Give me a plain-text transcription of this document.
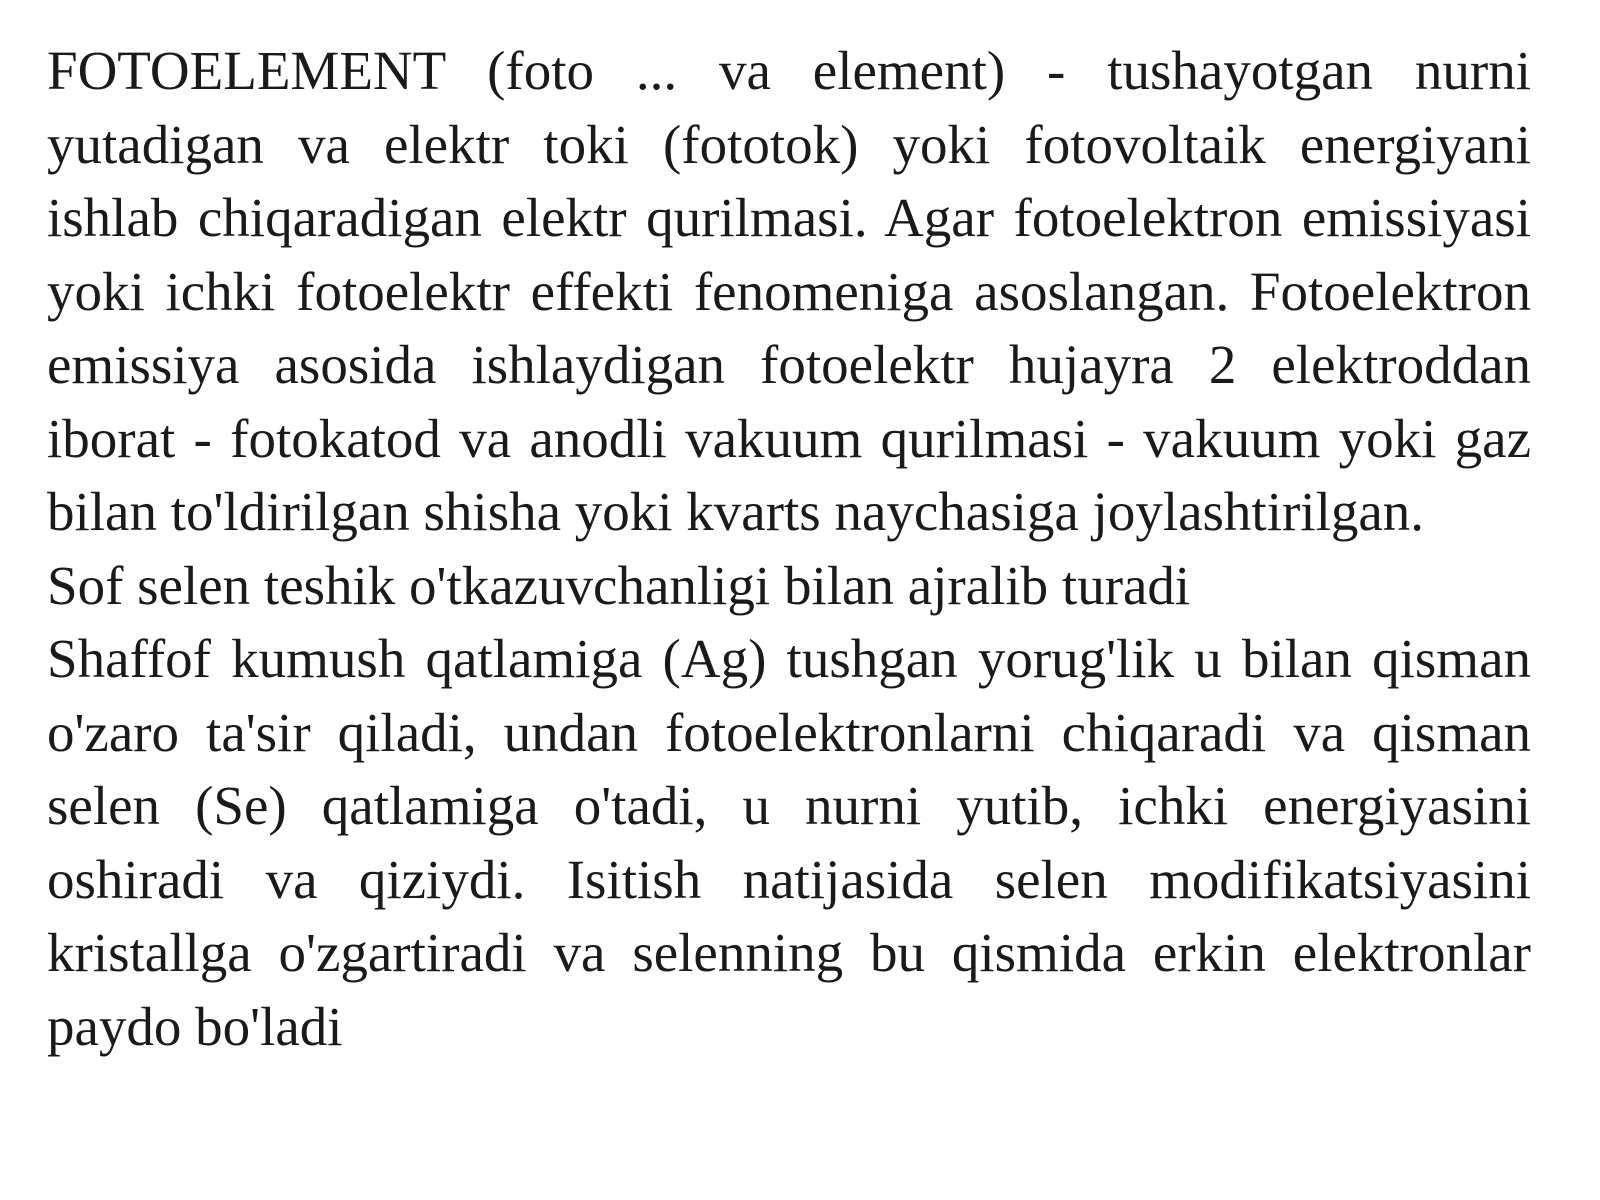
FOTOELEMENT (foto ... va element) - tushayotgan nurni yutadigan va elektr toki (fototok) yoki fotovoltaik energiyani ishlab chiqaradigan elektr qurilmasi. Agar fotoelektron emissiyasi yoki ichki fotoelektr effekti fenomeniga asoslangan. Fotoelektron emissiya asosida ishlaydigan fotoelektr hujayra 2 elektroddan iborat - fotokatod va anodli vakuum qurilmasi - vakuum yoki gaz bilan to'ldirilgan shisha yoki kvarts naychasiga joylashtirilgan.

Sof selen teshik o'tkazuvchanligi bilan ajralib turadi

Shaffof kumush qatlamiga (Ag) tushgan yorug'lik u bilan qisman o'zaro ta'sir qiladi, undan fotoelektronlarni chiqaradi va qisman selen (Se) qatlamiga o'tadi, u nurni yutib, ichki energiyasini oshiradi va qiziydi. Isitish natijasida selen modifikatsiyasini kristallga o'zgartiradi va selenning bu qismida erkin elektronlar paydo bo'ladi
